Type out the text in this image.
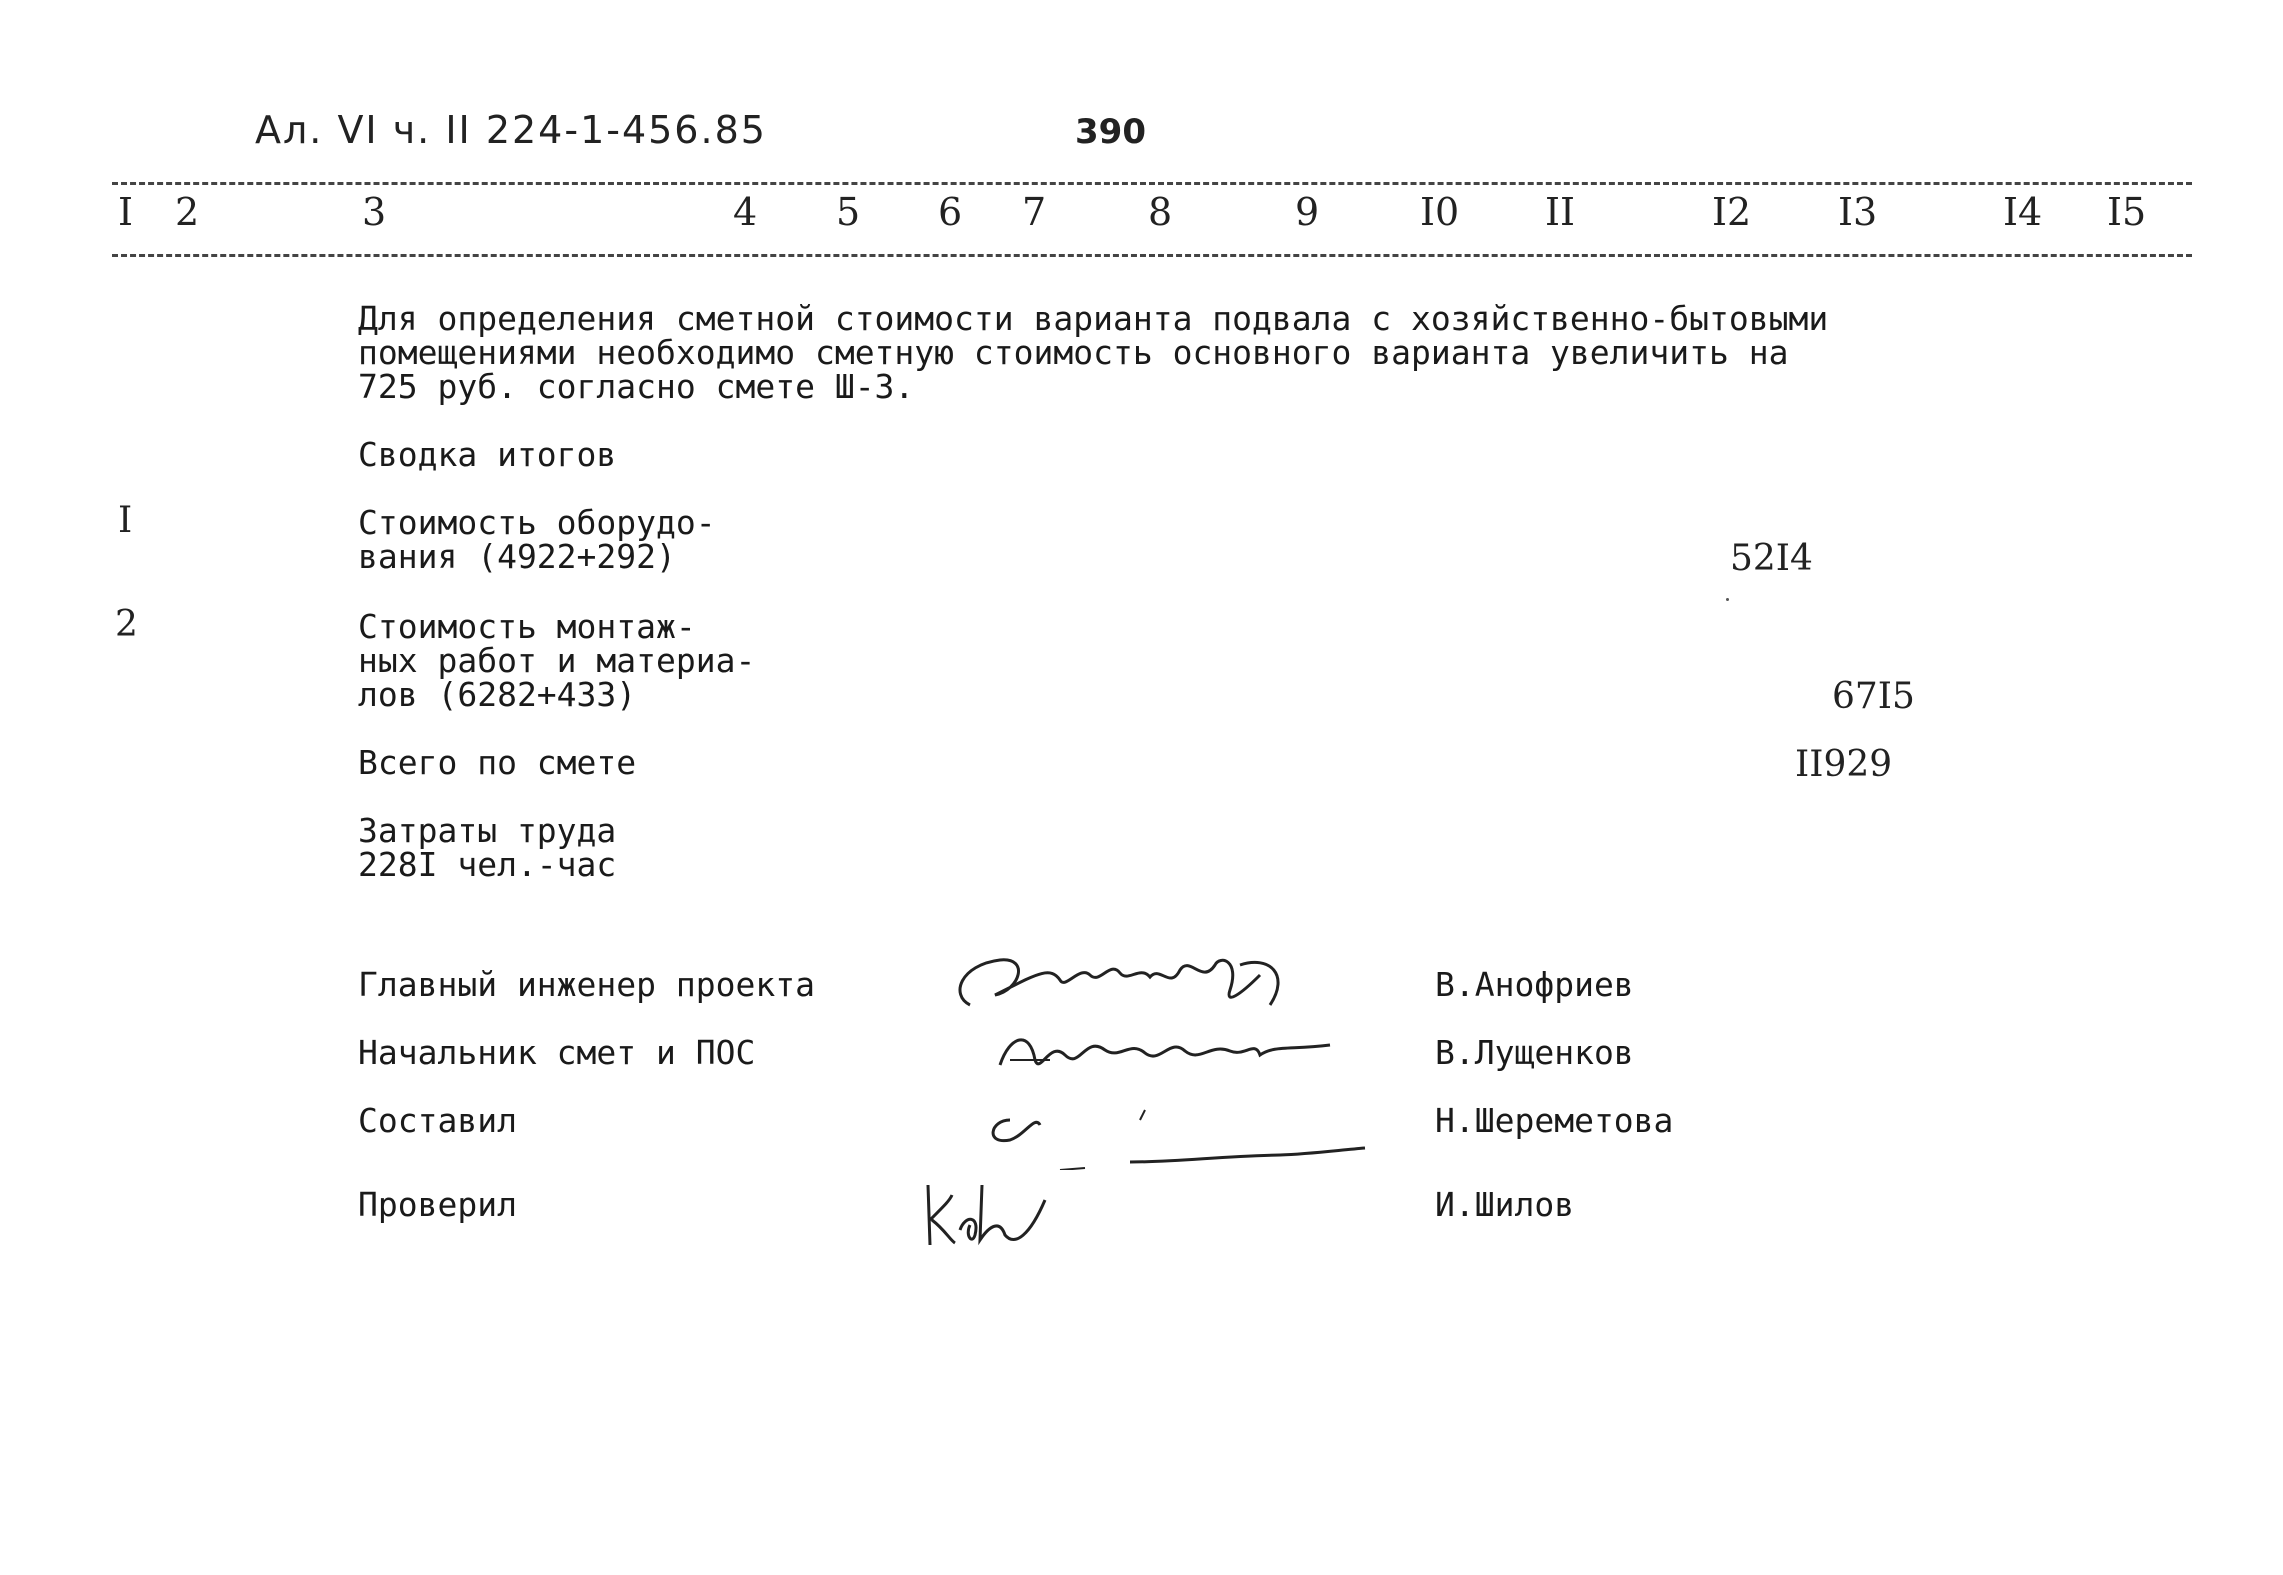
Ал. VI ч. II 224-1-456.85	390
I 2	3	4 5 6 7	8	9	I0 II	I2 I3	I4 I5
Для определения сметной стоимости варианта подвала с хозяйственно-бытовыми
помещениями необходимо сметную стоимость основного варианта увеличить на
725 руб. согласно смете Ш-3.
Сводка итогов
I	Стоимость оборудо-
вания (4922+292)	52I4
2	Стоимость монтаж-
ных работ и материа-
лов (6282+433)	67I5
Всего по смете	II929
Затраты труда
228I чел.-час
Главный инженер проекта	В.Анофриев
Начальник смет и ПОС	В.Лущенков
Составил	Н.Шереметова
Проверил	И.Шилов
